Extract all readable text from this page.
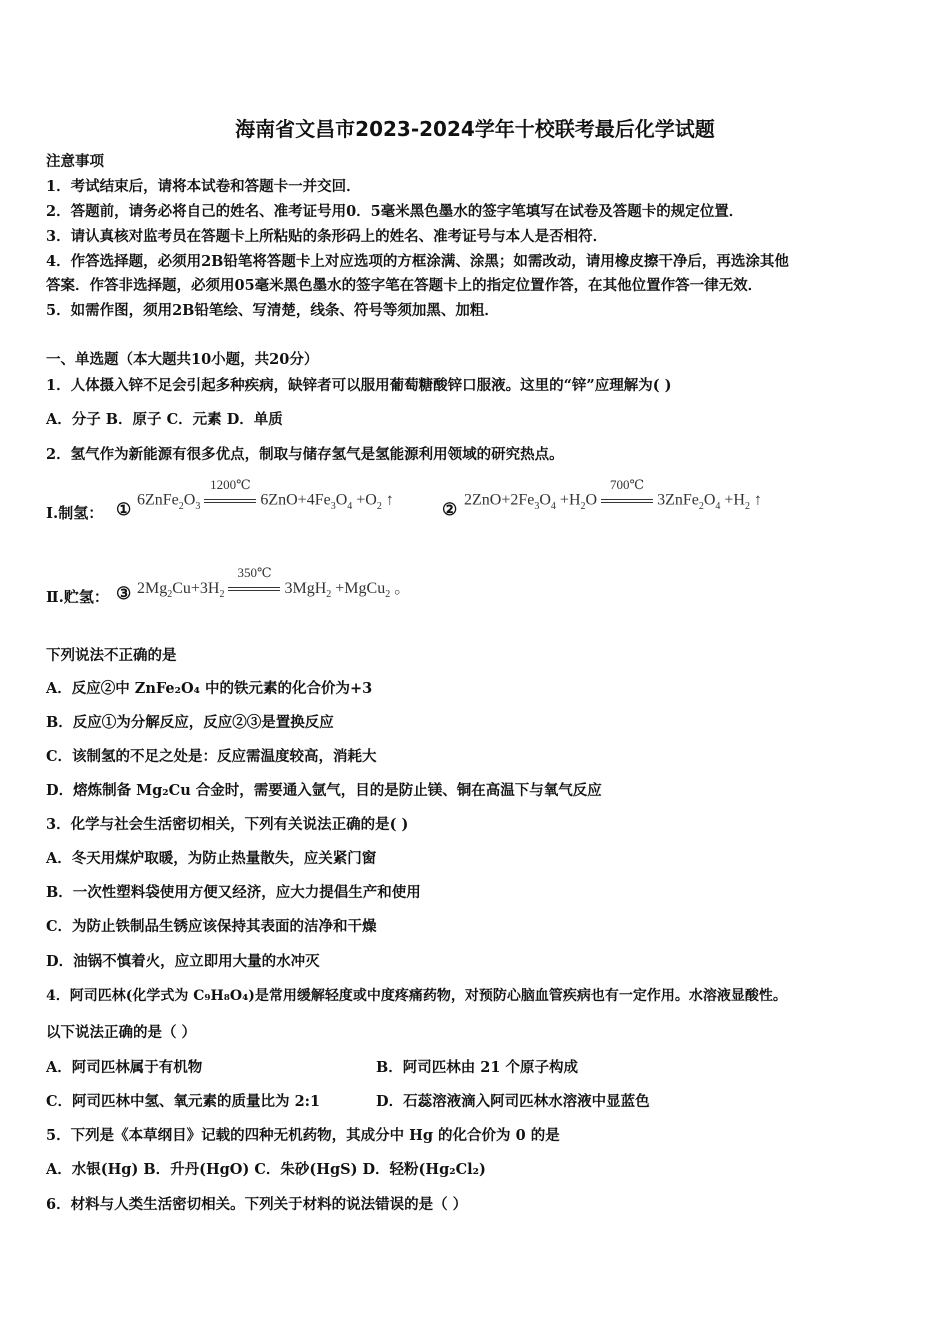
海南省文昌市2023-2024学年十校联考最后化学试题
注意事项
1．考试结束后，请将本试卷和答题卡一并交回．
2．答题前，请务必将自己的姓名、准考证号用0．5毫米黑色墨水的签字笔填写在试卷及答题卡的规定位置．
3．请认真核对监考员在答题卡上所粘贴的条形码上的姓名、准考证号与本人是否相符．
4．作答选择题，必须用2B铅笔将答题卡上对应选项的方框涂满、涂黑；如需改动，请用橡皮擦干净后，再选涂其他
答案．作答非选择题，必须用05毫米黑色墨水的签字笔在答题卡上的指定位置作答，在其他位置作答一律无效．
5．如需作图，须用2B铅笔绘、写清楚，线条、符号等须加黑、加粗．
一、单选题（本大题共10小题，共20分）
1．人体摄入锌不足会引起多种疾病，缺锌者可以服用葡萄糖酸锌口服液。这里的“锌”应理解为( )
A．分子 B．原子 C．元素 D．单质
2．氢气作为新能源有很多优点，制取与储存氢气是氢能源利用领域的研究热点。
Ⅰ.制氢： ① $6ZnFe_2O_3$
1200℃
$6ZnO+4Fe_3O_4 +O_2$ ↑	② $2ZnO+2Fe_3O_4 +H_2O$
700℃
$3ZnFe_2O_4 +H_2$ ↑
Ⅱ.贮氢： ③ $2Mg_2Cu+3H_2$
350℃
3MgH$_2$ +MgCu$_2$ 。
下列说法不正确的是
A．反应②中 ZnFe₂O₄ 中的铁元素的化合价为+3
B．反应①为分解反应，反应②③是置换反应
C．该制氢的不足之处是：反应需温度较高，消耗大
D．熔炼制备 Mg₂Cu 合金时，需要通入氩气，目的是防止镁、铜在高温下与氧气反应
3．化学与社会生活密切相关，下列有关说法正确的是( )
A．冬天用煤炉取暖，为防止热量散失，应关紧门窗
B．一次性塑料袋使用方便又经济，应大力提倡生产和使用
C．为防止铁制品生锈应该保持其表面的洁净和干燥
D．油锅不慎着火，应立即用大量的水冲灭
4．阿司匹林(化学式为 C₉H₈O₄)是常用缓解轻度或中度疼痛药物，对预防心脑血管疾病也有一定作用。水溶液显酸性。
以下说法正确的是（ ）
A．阿司匹林属于有机物	B．阿司匹林由 21 个原子构成
C．阿司匹林中氢、氧元素的质量比为 2:1	D．石蕊溶液滴入阿司匹林水溶液中显蓝色
5．下列是《本草纲目》记载的四种无机药物，其成分中 Hg 的化合价为 0 的是
A．水银(Hg) B．升丹(HgO) C．朱砂(HgS) D．轻粉(Hg₂Cl₂)
6．材料与人类生活密切相关。下列关于材料的说法错误的是（ ）
